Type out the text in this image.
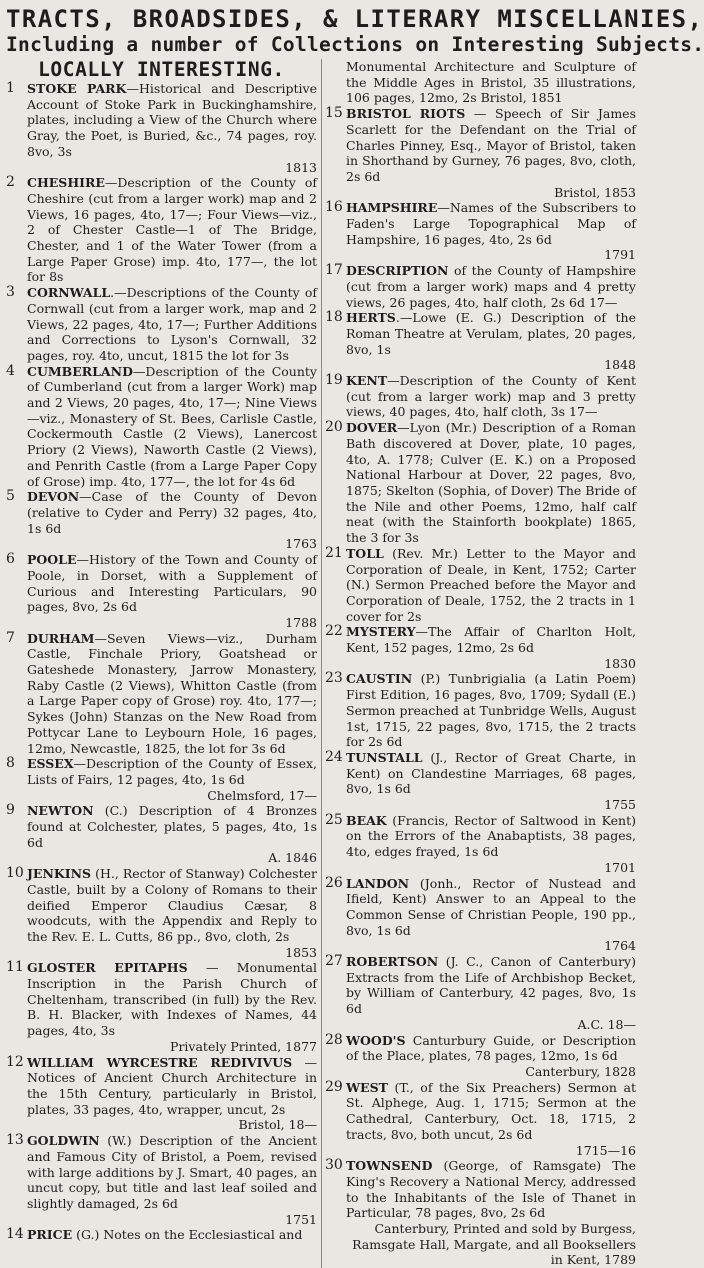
TRACTS, BROADSIDES, & LITERARY MISCELLANIES,
Including a number of Collections on Interesting Subjects.
LOCALLY INTERESTING.
1 STOKE PARK—Historical and Descriptive Account of Stoke Park in Buckinghamshire, plates, including a View of the Church where Gray, the Poet, is Buried, &c., 74 pages, roy. 8vo, 3s
1813
2 CHESHIRE—Description of the County of Cheshire (cut from a larger work) map and 2 Views, 16 pages, 4to, 17—; Four Views—viz., 2 of Chester Castle—1 of The Bridge, Chester, and 1 of the Water Tower (from a Large Paper Grose) imp. 4to, 177—, the lot for 8s
3 CORNWALL.—Descriptions of the County of Cornwall (cut from a larger work, map and 2 Views, 22 pages, 4to, 17—; Further Additions and Corrections to Lyson's Cornwall, 32 pages, roy. 4to, uncut, 1815 the lot for 3s
4 CUMBERLAND—Description of the County of Cumberland (cut from a larger Work) map and 2 Views, 20 pages, 4to, 17—; Nine Views—viz., Monastery of St. Bees, Carlisle Castle, Cockermouth Castle (2 Views), Lanercost Priory (2 Views), Naworth Castle (2 Views), and Penrith Castle (from a Large Paper Copy of Grose) imp. 4to, 177—, the lot for 4s 6d
5 DEVON—Case of the County of Devon (relative to Cyder and Perry) 32 pages, 4to, 1s 6d
1763
6 POOLE—History of the Town and County of Poole, in Dorset, with a Supplement of Curious and Interesting Particulars, 90 pages, 8vo, 2s 6d
1788
7 DURHAM—Seven Views—viz., Durham Castle, Finchale Priory, Goatshead or Gateshede Monastery, Jarrow Monastery, Raby Castle (2 Views), Whitton Castle (from a Large Paper copy of Grose) roy. 4to, 177—; Sykes (John) Stanzas on the New Road from Pottycar Lane to Leybourn Hole, 16 pages, 12mo, Newcastle, 1825, the lot for 3s 6d
8 ESSEX—Description of the County of Essex, Lists of Fairs, 12 pages, 4to, 1s 6d
Chelmsford, 17—
9 NEWTON (C.) Description of 4 Bronzes found at Colchester, plates, 5 pages, 4to, 1s 6d
A. 1846
10 JENKINS (H., Rector of Stanway) Colchester Castle, built by a Colony of Romans to their deified Emperor Claudius Cæsar, 8 woodcuts, with the Appendix and Reply to the Rev. E. L. Cutts, 86 pp., 8vo, cloth, 2s
1853
11 GLOSTER EPITAPHS — Monumental Inscription in the Parish Church of Cheltenham, transcribed (in full) by the Rev. B. H. Blacker, with Indexes of Names, 44 pages, 4to, 3s
Privately Printed, 1877
12 WILLIAM WYRCESTRE REDIVIVUS — Notices of Ancient Church Architecture in the 15th Century, particularly in Bristol, plates, 33 pages, 4to, wrapper, uncut, 2s
Bristol, 18—
13 GOLDWIN (W.) Description of the Ancient and Famous City of Bristol, a Poem, revised with large additions by J. Smart, 40 pages, an uncut copy, but title and last leaf soiled and slightly damaged, 2s 6d
1751
14 PRICE (G.) Notes on the Ecclesiastical and
Monumental Architecture and Sculpture of the Middle Ages in Bristol, 35 illustrations, 106 pages, 12mo, 2s Bristol, 1851
15 BRISTOL RIOTS — Speech of Sir James Scarlett for the Defendant on the Trial of Charles Pinney, Esq., Mayor of Bristol, taken in Shorthand by Gurney, 76 pages, 8vo, cloth, 2s 6d
Bristol, 1853
16 HAMPSHIRE—Names of the Subscribers to Faden's Large Topographical Map of Hampshire, 16 pages, 4to, 2s 6d
1791
17 DESCRIPTION of the County of Hampshire (cut from a larger work) maps and 4 pretty views, 26 pages, 4to, half cloth, 2s 6d 17—
18 HERTS.—Lowe (E. G.) Description of the Roman Theatre at Verulam, plates, 20 pages, 8vo, 1s
1848
19 KENT—Description of the County of Kent (cut from a larger work) map and 3 pretty views, 40 pages, 4to, half cloth, 3s 17—
20 DOVER—Lyon (Mr.) Description of a Roman Bath discovered at Dover, plate, 10 pages, 4to, A. 1778; Culver (E. K.) on a Proposed National Harbour at Dover, 22 pages, 8vo, 1875; Skelton (Sophia, of Dover) The Bride of the Nile and other Poems, 12mo, half calf neat (with the Stainforth bookplate) 1865, the 3 for 3s
21 TOLL (Rev. Mr.) Letter to the Mayor and Corporation of Deale, in Kent, 1752; Carter (N.) Sermon Preached before the Mayor and Corporation of Deale, 1752, the 2 tracts in 1 cover for 2s
22 MYSTERY—The Affair of Charlton Holt, Kent, 152 pages, 12mo, 2s 6d
1830
23 CAUSTIN (P.) Tunbrigialia (a Latin Poem) First Edition, 16 pages, 8vo, 1709; Sydall (E.) Sermon preached at Tunbridge Wells, August 1st, 1715, 22 pages, 8vo, 1715, the 2 tracts for 2s 6d
24 TUNSTALL (J., Rector of Great Charte, in Kent) on Clandestine Marriages, 68 pages, 8vo, 1s 6d
1755
25 BEAK (Francis, Rector of Saltwood in Kent) on the Errors of the Anabaptists, 38 pages, 4to, edges frayed, 1s 6d
1701
26 LANDON (Jonh., Rector of Nustead and Ifield, Kent) Answer to an Appeal to the Common Sense of Christian People, 190 pp., 8vo, 1s 6d
1764
27 ROBERTSON (J. C., Canon of Canterbury) Extracts from the Life of Archbishop Becket, by William of Canterbury, 42 pages, 8vo, 1s 6d
A.C. 18—
28 WOOD'S Canturbury Guide, or Description of the Place, plates, 78 pages, 12mo, 1s 6d
Canterbury, 1828
29 WEST (T., of the Six Preachers) Sermon at St. Alphege, Aug. 1, 1715; Sermon at the Cathedral, Canterbury, Oct. 18, 1715, 2 tracts, 8vo, both uncut, 2s 6d
1715—16
30 TOWNSEND (George, of Ramsgate) The King's Recovery a National Mercy, addressed to the Inhabitants of the Isle of Thanet in Particular, 78 pages, 8vo, 2s 6d
Canterbury, Printed and sold by Burgess, Ramsgate Hall, Margate, and all Booksellers in Kent, 1789
